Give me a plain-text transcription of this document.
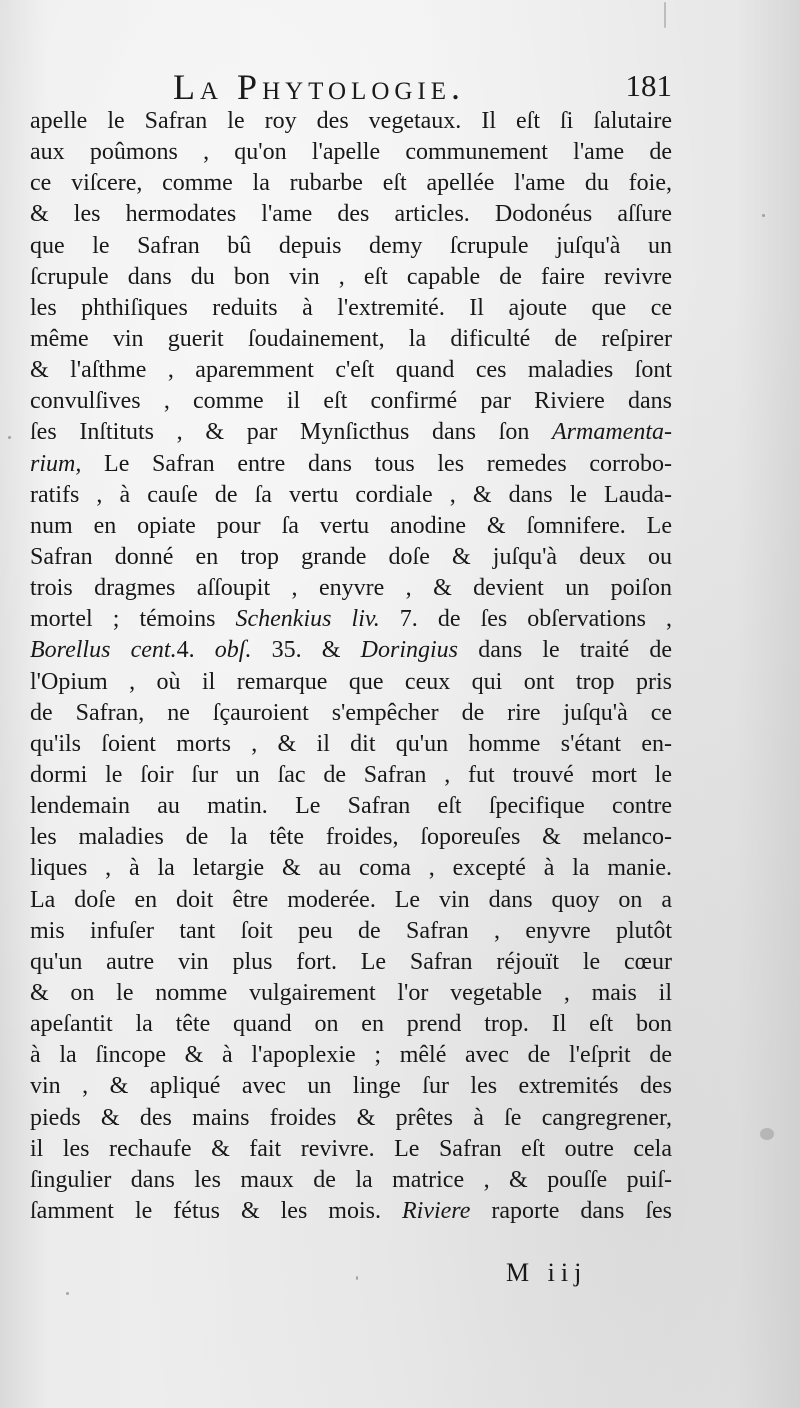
La Phytologie.	181
apelle le Safran le roy des vegetaux. Il eſt ſi ſalutaire
aux poûmons , qu'on l'apelle communement l'ame de
ce viſcere, comme la rubarbe eſt apellée l'ame du foie,
& les hermodates l'ame des articles. Dodonéus aſſure
que le Safran bû depuis demy ſcrupule juſqu'à un
ſcrupule dans du bon vin , eſt capable de faire revivre
les phthiſiques reduits à l'extremité. Il ajoute que ce
même vin guerit ſoudainement, la dificulté de reſpirer
& l'aſthme , aparemment c'eſt quand ces maladies ſont
convulſives , comme il eſt confirmé par Riviere dans
ſes Inſtituts , & par Mynſicthus dans ſon Armamenta-
rium, Le Safran entre dans tous les remedes corrobo-
ratifs , à cauſe de ſa vertu cordiale , & dans le Lauda-
num en opiate pour ſa vertu anodine & ſomnifere. Le
Safran donné en trop grande doſe & juſqu'à deux ou
trois dragmes aſſoupit , enyvre , & devient un poiſon
mortel ; témoins Schenkius liv. 7. de ſes obſervations ,
Borellus cent.4. obſ. 35. & Doringius dans le traité de
l'Opium , où il remarque que ceux qui ont trop pris
de Safran, ne ſçauroient s'empêcher de rire juſqu'à ce
qu'ils ſoient morts , & il dit qu'un homme s'étant en-
dormi le ſoir ſur un ſac de Safran , fut trouvé mort le
lendemain au matin. Le Safran eſt ſpecifique contre
les maladies de la tête froides, ſoporeuſes & melanco-
liques , à la letargie & au coma , excepté à la manie.
La doſe en doit être moderée. Le vin dans quoy on a
mis infuſer tant ſoit peu de Safran , enyvre plutôt
qu'un autre vin plus fort. Le Safran réjouït le cœur
& on le nomme vulgairement l'or vegetable , mais il
apeſantit la tête quand on en prend trop. Il eſt bon
à la ſincope & à l'apoplexie ; mêlé avec de l'eſprit de
vin , & apliqué avec un linge ſur les extremités des
pieds & des mains froides & prêtes à ſe cangregrener,
il les rechaufe & fait revivre. Le Safran eſt outre cela
ſingulier dans les maux de la matrice , & pouſſe puiſ-
ſamment le fétus & les mois. Riviere raporte dans ſes
M iij
